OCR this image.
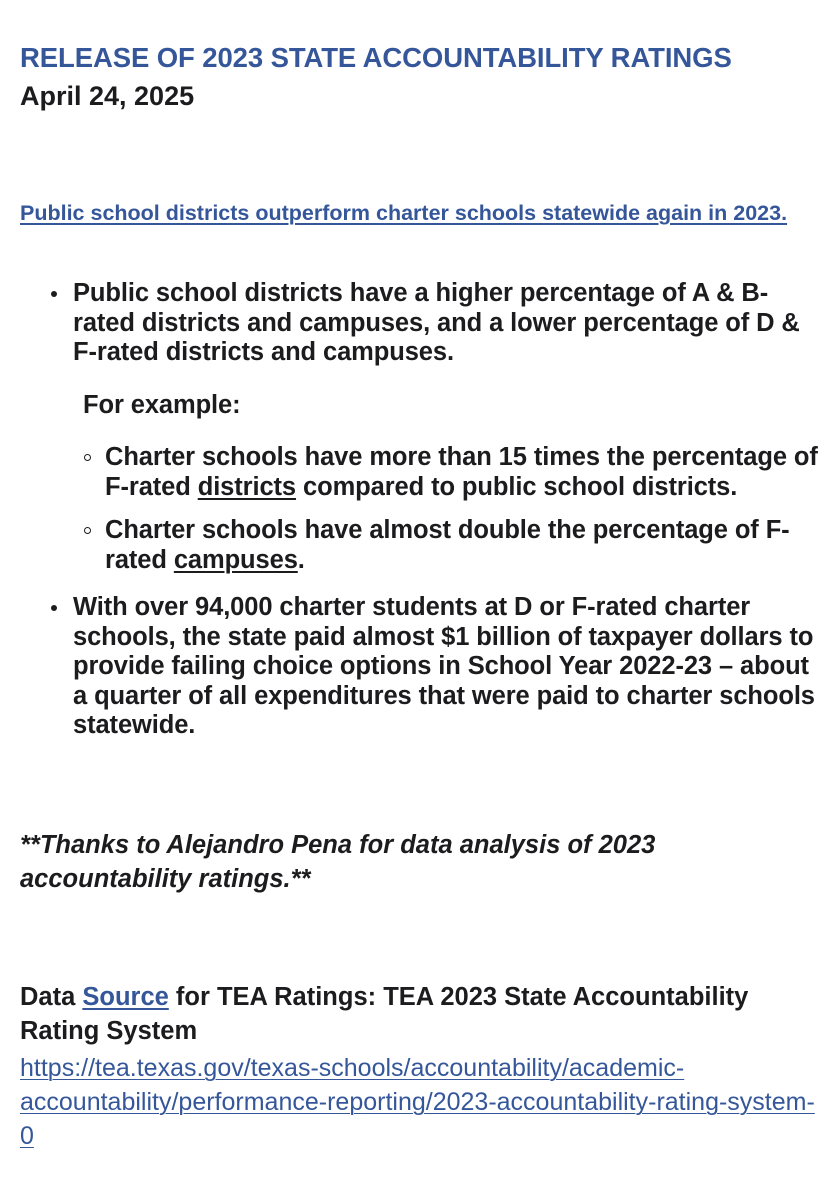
RELEASE OF 2023 STATE ACCOUNTABILITY RATINGS
April 24, 2025
Public school districts outperform charter schools statewide again in 2023.
Public school districts have a higher percentage of A & B-rated districts and campuses, and a lower percentage of D & F-rated districts and campuses.
For example:
Charter schools have more than 15 times the percentage of F-rated districts compared to public school districts.
Charter schools have almost double the percentage of F-rated campuses.
With over 94,000 charter students at D or F-rated charter schools, the state paid almost $1 billion of taxpayer dollars to provide failing choice options in School Year 2022-23 – about a quarter of all expenditures that were paid to charter schools statewide.
**Thanks to Alejandro Pena for data analysis of 2023 accountability ratings.**
Data Source for TEA Ratings: TEA 2023 State Accountability Rating System
https://tea.texas.gov/texas-schools/accountability/academic-accountability/performance-reporting/2023-accountability-rating-system-0
